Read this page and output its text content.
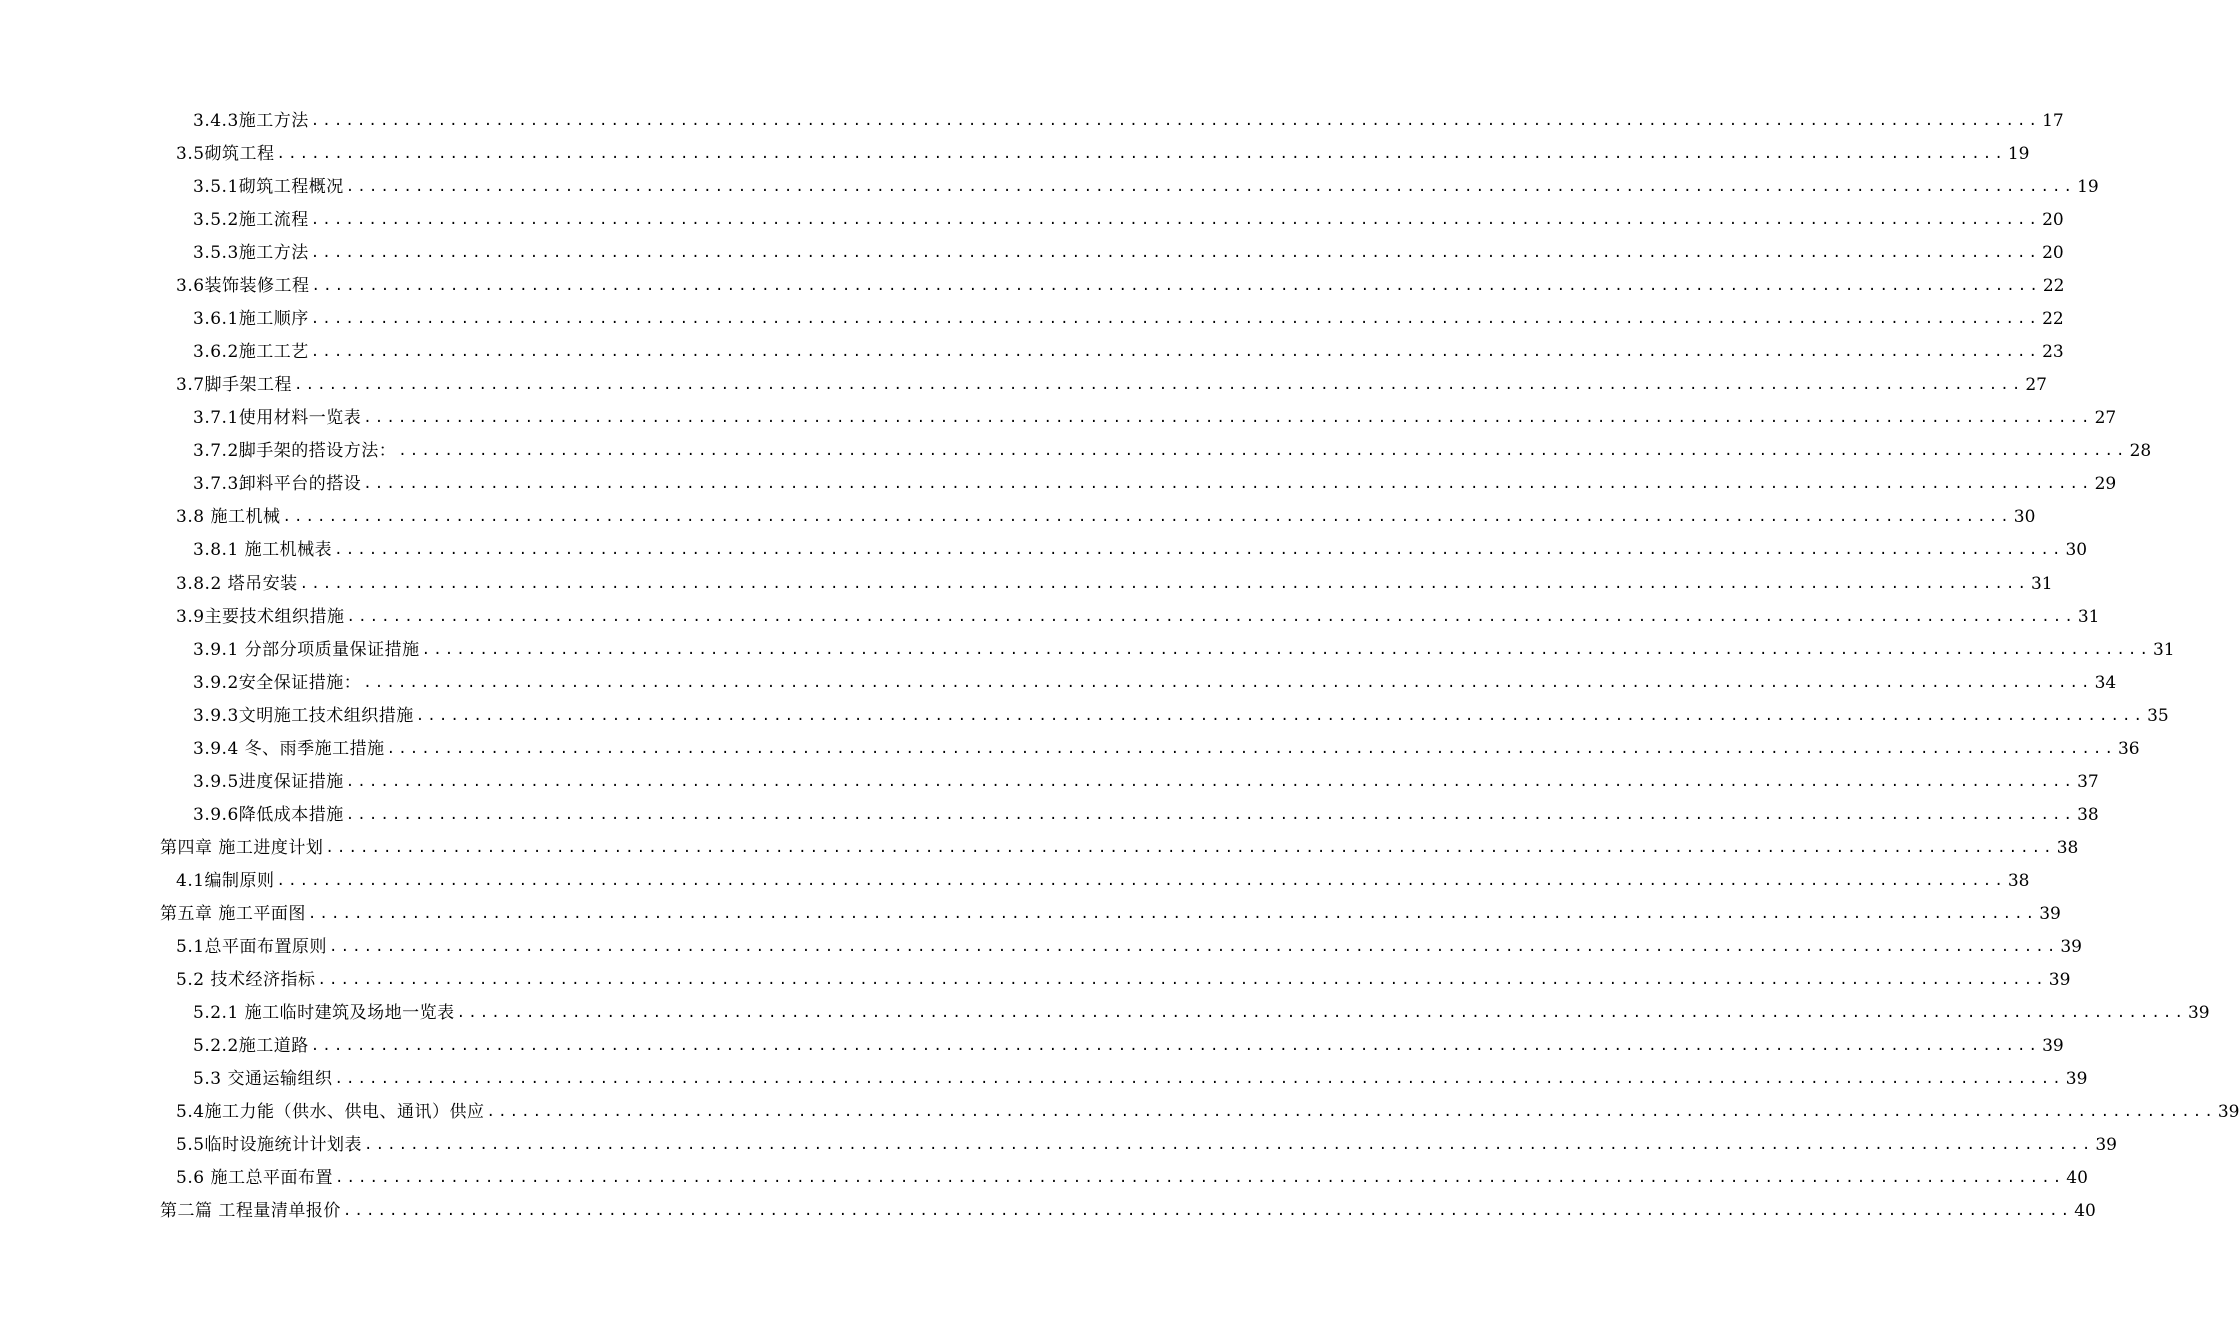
3.4.3施工方法 ...................................................................................................................................................... 17
3.5砌筑工程 ...................................................................................................................................................... 19
3.5.1砌筑工程概况 ...................................................................................................................................................... 19
3.5.2施工流程 ...................................................................................................................................................... 20
3.5.3施工方法 ...................................................................................................................................................... 20
3.6装饰装修工程 ...................................................................................................................................................... 22
3.6.1施工顺序 ...................................................................................................................................................... 22
3.6.2施工工艺 ...................................................................................................................................................... 23
3.7脚手架工程 ...................................................................................................................................................... 27
3.7.1使用材料一览表 ...................................................................................................................................................... 27
3.7.2脚手架的搭设方法： ...................................................................................................................................................... 28
3.7.3卸料平台的搭设 ...................................................................................................................................................... 29
3.8 施工机械 ...................................................................................................................................................... 30
3.8.1 施工机械表 ...................................................................................................................................................... 30
3.8.2 塔吊安装 ...................................................................................................................................................... 31
3.9主要技术组织措施 ...................................................................................................................................................... 31
3.9.1 分部分项质量保证措施 ...................................................................................................................................................... 31
3.9.2安全保证措施： ...................................................................................................................................................... 34
3.9.3文明施工技术组织措施 ...................................................................................................................................................... 35
3.9.4 冬、雨季施工措施 ...................................................................................................................................................... 36
3.9.5进度保证措施 ...................................................................................................................................................... 37
3.9.6降低成本措施 ...................................................................................................................................................... 38
第四章 施工进度计划 ...................................................................................................................................................... 38
4.1编制原则 ...................................................................................................................................................... 38
第五章 施工平面图 ...................................................................................................................................................... 39
5.1总平面布置原则 ...................................................................................................................................................... 39
5.2 技术经济指标 ...................................................................................................................................................... 39
5.2.1 施工临时建筑及场地一览表 ...................................................................................................................................................... 39
5.2.2施工道路 ...................................................................................................................................................... 39
5.3 交通运输组织 ...................................................................................................................................................... 39
5.4施工力能（供水、供电、通讯）供应 ...................................................................................................................................................... 39
5.5临时设施统计计划表 ...................................................................................................................................................... 39
5.6 施工总平面布置 ...................................................................................................................................................... 40
第二篇 工程量清单报价 ...................................................................................................................................................... 40
